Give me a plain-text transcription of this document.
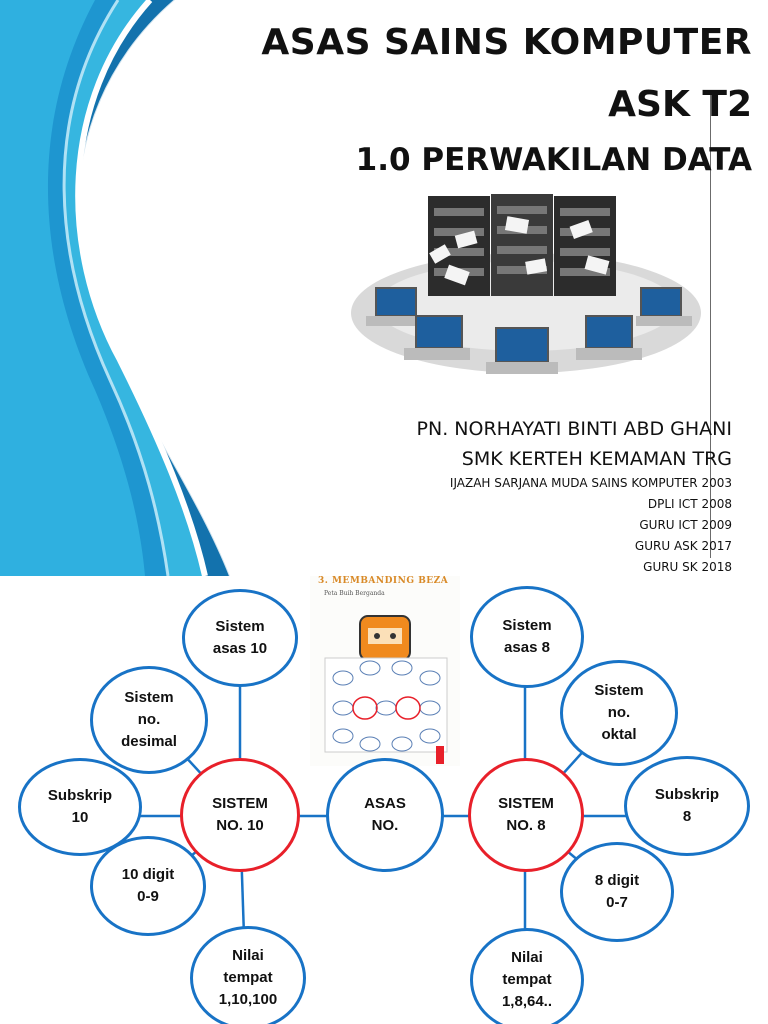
ASAS SAINS KOMPUTER
ASK T2
1.0 PERWAKILAN DATA
PN. NORHAYATI BINTI ABD GHANI
SMK KERTEH KEMAMAN TRG
IJAZAH SARJANA MUDA SAINS KOMPUTER 2003
DPLI ICT 2008
GURU ICT 2009
GURU ASK 2017
GURU SK 2018
3. MEMBANDING BEZA
Peta Buih Berganda
Sistem
asas 10
Sistem
no.
desimal
Subskrip
10
SISTEM
NO. 10
10 digit
0-9
Nilai
tempat
1,10,100
ASAS
NO.
Sistem
asas 8
Sistem
no.
oktal
SISTEM
NO. 8
Subskrip
8
8 digit
0-7
Nilai
tempat
1,8,64..
